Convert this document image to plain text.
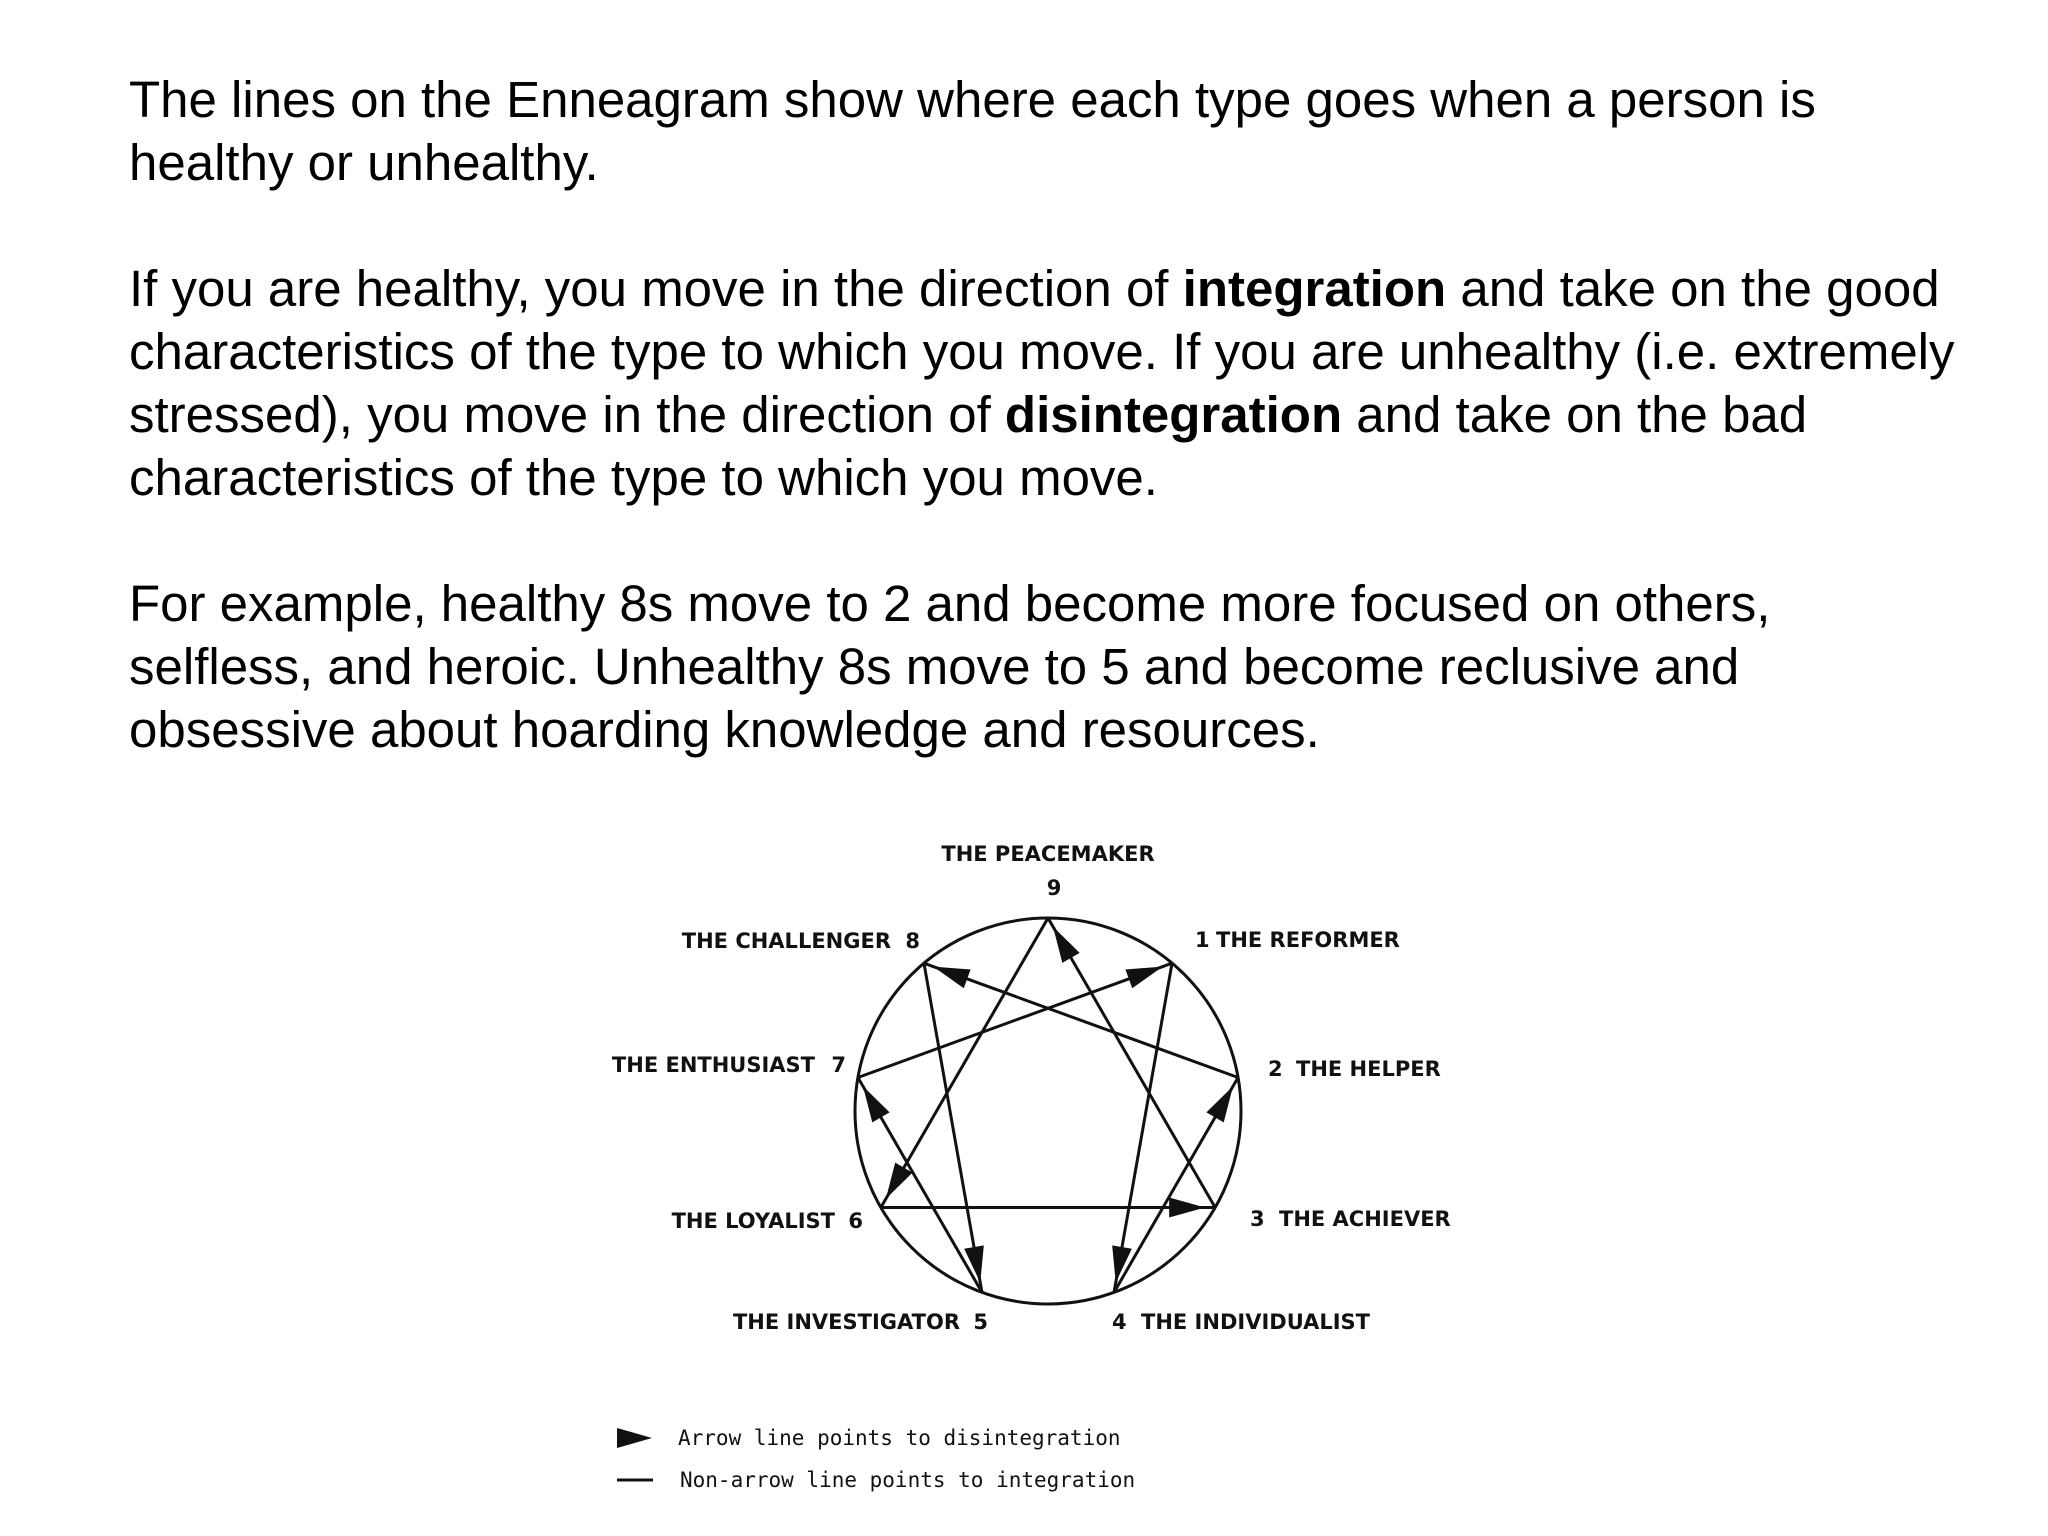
The lines on the Enneagram show where each type goes when a person is healthy or unhealthy.

If you are healthy, you move in the direction of integration and take on the good characteristics of the type to which you move. If you are unhealthy (i.e. extremely stressed), you move in the direction of disintegration and take on the bad characteristics of the type to which you move.

For example, healthy 8s move to 2 and become more focused on others, selfless, and heroic. Unhealthy 8s move to 5 and become reclusive and obsessive about hoarding knowledge and resources.

THE PEACEMAKER
9
THE REFORMER
1
THE HELPER
2
THE ACHIEVER
3
THE INDIVIDUALIST
4
THE INVESTIGATOR 5
THE LOYALIST 6
THE ENTHUSIAST 7
THE CHALLENGER 8
Arrow line points to disintegration
Non-arrow line points to integration
